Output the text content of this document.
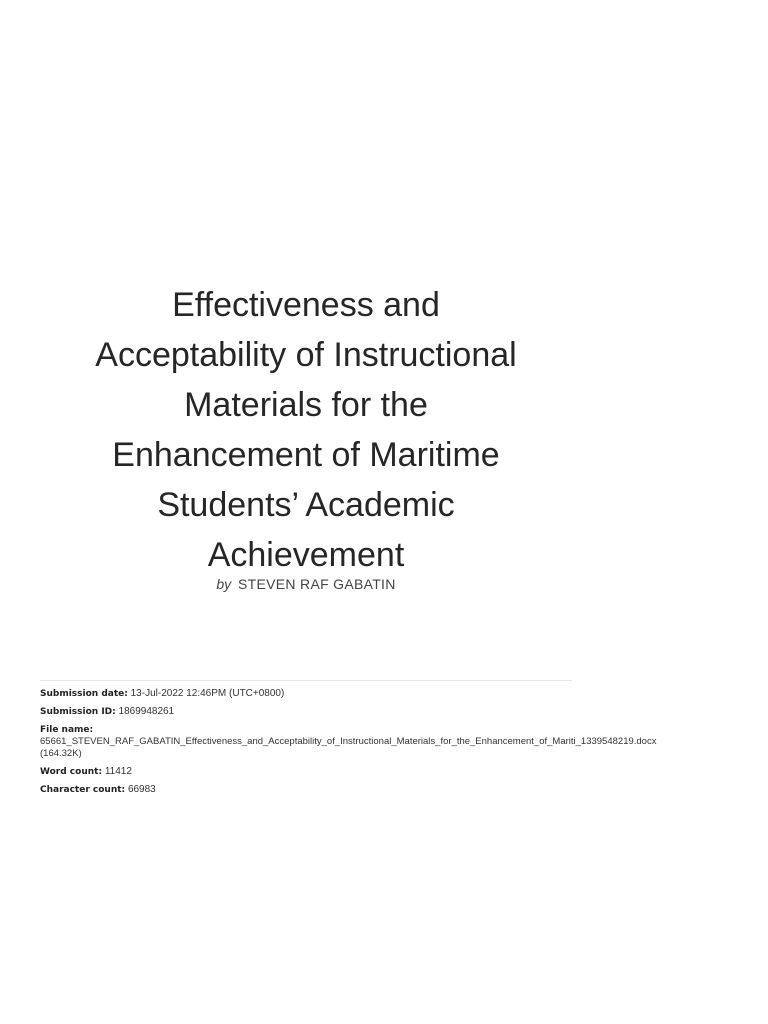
Effectiveness and
Acceptability of Instructional
Materials for the
Enhancement of Maritime
Students’ Academic
Achievement
by STEVEN RAF GABATIN
Submission date: 13-Jul-2022 12:46PM (UTC+0800)
Submission ID: 1869948261
File name:
65661_STEVEN_RAF_GABATIN_Effectiveness_and_Acceptability_of_Instructional_Materials_for_the_Enhancement_of_Mariti_1339548219.docx
(164.32K)
Word count: 11412
Character count: 66983
